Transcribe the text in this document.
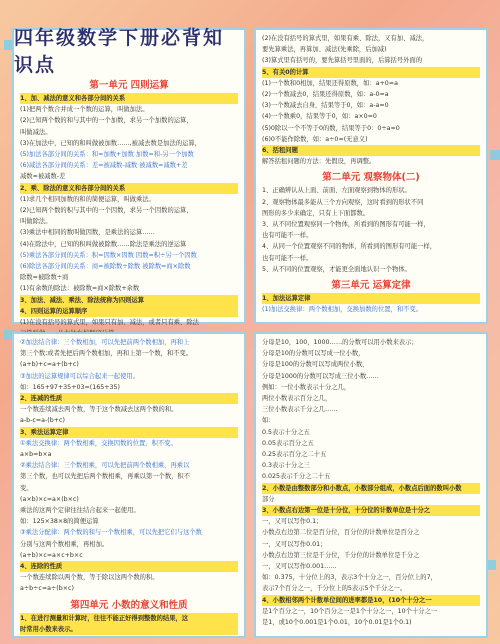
第一单元 四则运算
1、加、减法的意义和各部分间的关系
(1)把两个数合并成一个数的运算，叫做加法。
(2)已知两个数的和与其中的一个加数，求另一个加数的运算，
叫做减法。
(3)在加法中，已知的和叫做被加数……,被减去数是加法的运算，
(5)加法各部分间的关系：和=加数+加数 加数=和-另一个加数
(6)减法各部分间的关系：差=被减数-减数 被减数=减数+差
减数=被减数-差
2、乘、除法的意义和各部分间的关系
(1)求几个相同加数的和的简便运算，叫做乘法。
(2)已知两个数的积与其中的一个因数，求另一个因数的运算，
叫做除法。
(3)乘法中相同的数叫做因数，是乘法的运算……
(4)在除法中，已知的积叫做被除数……除法是乘法的逆运算
(5)乘法各部分间的关系：积=因数×因数 因数=积÷另一个因数
(6)除法各部分间的关系：商=被除数÷除数 被除数=商×除数
除数=被除数÷商
(1)有余数的除法：被除数=商×除数+余数
3、加法、减法、乘法、除法统称为四则运算
4、四则运算的运算顺序
(1)在没有括号的算式里，如果只有加、减法，或者只有乘、除法
四年级数学下册必背知识点
(2)在没有括号的算式里，如果有乘、除法，又有加、减法，
要先算乘法，再算加、减法(先乘除，后加减)
(3)算式里有括号的，要先算括号里面的，后算括号外面的
5、有关0的计算
(1)一个数和0相加，结果还得原数，如：a+0=a
(2)一个数减去0，结果还得原数，如：a-0=a
(3)一个数减去自身，结果等于0，如：a-a=0
(4)一个数乘0，结果等于0，如：a×0=0
(5)0除以一个不等于0的数，结果等于0：0÷a=0
(6)0不能作除数，如：a÷0=(无意义)
6、括租问题
解答括租问题的方法：先假设，再调整。
第二单元 观察物体(二)
1、正确辨认从上面、前面、左面观察到物体的形状。
2、观察物体最多能从三个方向观察，这时看到的形状不同
图形的多少来确定，只有上下面都数。
3、从不同位置观察同一个物体，所看到的图形有可能一样，
也有可能不一样。
4、从同一个位置观察不同的物体，所看到的图形有可能一样，
也有可能不一样。
5、从不同的位置观察，才能更全面地认识一个物体。
第三单元 运算定律
1、加法运算定律
(1)加法交换律：两个数相加，交换加数的位置，和不变。
②加法结合律：三个数相加，可以先把前两个数相加，再和上
第三个数;或者先把后两个数相加，再和上第一个数，和不变。
(a+b)+c=a+(b+c)
③加法的运算规律可以综合起来一起使用。
如：165+97+35+03=(165+35)
2、连减的性质
一个数连续减去两个数，等于这个数减去这两个数的和。
a-b-c=a-(b+c)
3、乘法运算定律
①乘法交换律：两个数相乘，交换因数的位置，积不变。
a×b=b×a
②乘法结合律：三个数相乘，可以先把前两个数相乘，再乘以
第三个数，也可以先把后两个数相乘，再乘以第一个数，积不
变。
(a×b)×c=a×(b×c)
乘法的这两个定律往往结合起来一起使用。
如：125×38×8的简便运算
③乘法分配律：两个数的和与一个数相乘，可以先把它们与这个数
分别与这两个数相乘，再相加。
(a+b)×c=a×c+b×c
4、连除的性质
一个数连续除以两个数，等于除以这两个数的积。
a÷b÷c=a÷(b×c)
第四单元 小数的意义和性质
1、在进行测量和计算时，往往不能正好得到整数的结果，这
时常用小数来表示。
分母是10，100，1000……的分数可以用小数来表示；
分母是10的分数可以写成一位小数，
分母是100的分数可以写成两位小数，
分母是1000的分数可以写成三位小数……
例如：一位小数表示十分之几，
两位小数表示百分之几，
三位小数表示千分之几……
如：
0.5表示十分之五
0.05表示百分之五
0.25表示百分之二十五
0.3表示十分之三
0.025表示千分之二十五
2、小数是由整数部分和小数点，小数部分组成，小数点后面的数叫小数
部分
3、小数点右边第一位是十分位，十分位的计数单位是十分之
一，又可以写作0.1；
小数点右边第二位是百分位，百分位的计数单位是百分之
一，又可以写作0.01；
小数点右边第三位是千分位，千分位的计数单位是千分之
一，又可以写作0.001……
如：0.375，十分位上的3，表示3个十分之一，百分位上的7，
表示7个百分之一，千分位上的5表示5个千分之一。
4、小数相邻两个计数单位间的进率都是10，(10个十分之一
是1个百分之一，10个百分之一是1个十分之一，10个十分之一
是1，或10个0.001是1个0.01，10个0.01是1个0.1)
